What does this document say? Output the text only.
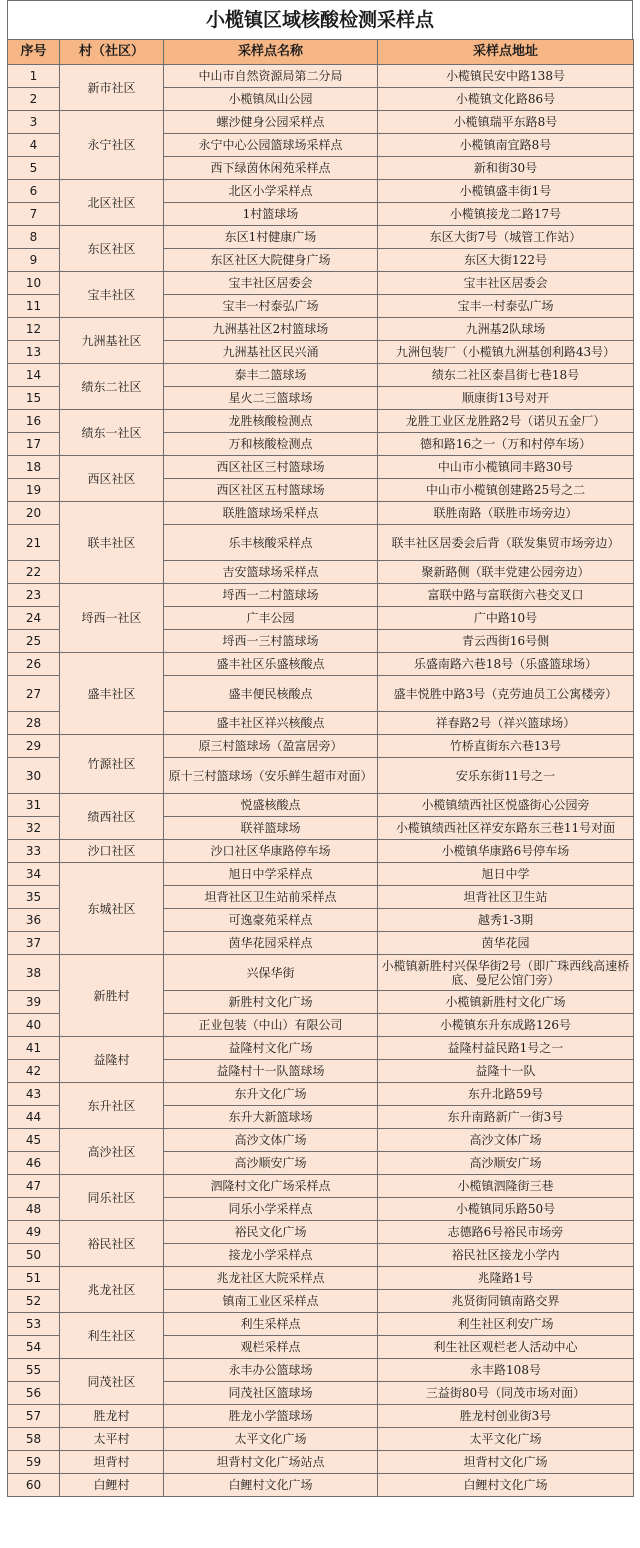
小榄镇区域核酸检测采样点
序号	村（社区）	采样点名称	采样点地址
1	新市社区	中山市自然资源局第二分局	小榄镇民安中路138号
2		小榄镇凤山公园	小榄镇文化路86号
3	永宁社区	螺沙健身公园采样点	小榄镇瑞平东路8号
4		永宁中心公园篮球场采样点	小榄镇南宜路8号
5		西下绿茵休闲苑采样点	新和街30号
6	北区社区	北区小学采样点	小榄镇盛丰街1号
7		1村篮球场	小榄镇接龙二路17号
8	东区社区	东区1村健康广场	东区大街7号（城管工作站）
9		东区社区大院健身广场	东区大街122号
10	宝丰社区	宝丰社区居委会	宝丰社区居委会
11		宝丰一村泰弘广场	宝丰一村泰弘广场
12	九洲基社区	九洲基社区2村篮球场	九洲基2队球场
13		九洲基社区民兴涌	九洲包装厂（小榄镇九洲基创利路43号）
14	绩东二社区	泰丰二篮球场	绩东二社区泰昌街七巷18号
15		星火二三篮球场	顺康街13号对开
16	绩东一社区	龙胜核酸检测点	龙胜工业区龙胜路2号（诺贝五金厂）
17		万和核酸检测点	德和路16之一（万和村停车场）
18	西区社区	西区社区三村篮球场	中山市小榄镇同丰路30号
19		西区社区五村篮球场	中山市小榄镇创建路25号之二
20	联丰社区	联胜篮球场采样点	联胜南路（联胜市场旁边）
21		乐丰核酸采样点	联丰社区居委会后背（联发集贸市场旁边）
22		吉安篮球场采样点	聚新路侧（联丰党建公园旁边）
23	埒西一社区	埒西一二村篮球场	富联中路与富联街六巷交叉口
24		广丰公园	广中路10号
25		埒西一三村篮球场	青云西街16号侧
26	盛丰社区	盛丰社区乐盛核酸点	乐盛南路六巷18号（乐盛篮球场）
27		盛丰便民核酸点	盛丰悦胜中路3号（克劳迪员工公寓楼旁）
28		盛丰社区祥兴核酸点	祥春路2号（祥兴篮球场）
29	竹源社区	原三村篮球场（盈富居旁）	竹桥直街东六巷13号
30		原十三村篮球场（安乐鲜生超市对面）	安乐东街11号之一
31	绩西社区	悦盛核酸点	小榄镇绩西社区悦盛街心公园旁
32		联祥篮球场	小榄镇绩西社区祥安东路东三巷11号对面
33	沙口社区	沙口社区华康路停车场	小榄镇华康路6号停车场
34	东城社区	旭日中学采样点	旭日中学
35		坦背社区卫生站前采样点	坦背社区卫生站
36		可逸豪苑采样点	越秀1-3期
37		茵华花园采样点	茵华花园
38	新胜村	兴保华街	小榄镇新胜村兴保华街2号（即广珠西线高速桥底、曼尼公馆门旁）
39		新胜村文化广场	小榄镇新胜村文化广场
40		正业包装（中山）有限公司	小榄镇东升东成路126号
41	益隆村	益隆村文化广场	益隆村益民路1号之一
42		益隆村十一队篮球场	益隆十一队
43	东升社区	东升文化广场	东升北路59号
44		东升大新篮球场	东升南路新广一街3号
45	高沙社区	高沙文体广场	高沙文体广场
46		高沙顺安广场	高沙顺安广场
47	同乐社区	泗隆村文化广场采样点	小榄镇泗隆街三巷
48		同乐小学采样点	小榄镇同乐路50号
49	裕民社区	裕民文化广场	志德路6号裕民市场旁
50		接龙小学采样点	裕民社区接龙小学内
51	兆龙社区	兆龙社区大院采样点	兆隆路1号
52		镇南工业区采样点	兆贤街同镇南路交界
53	利生社区	利生采样点	利生社区利安广场
54		观栏采样点	利生社区观栏老人活动中心
55	同茂社区	永丰办公篮球场	永丰路108号
56		同茂社区篮球场	三益街80号（同茂市场对面）
57	胜龙村	胜龙小学篮球场	胜龙村创业街3号
58	太平村	太平文化广场	太平文化广场
59	坦背村	坦背村文化广场站点	坦背村文化广场
60	白鲤村	白鲤村文化广场	白鲤村文化广场
